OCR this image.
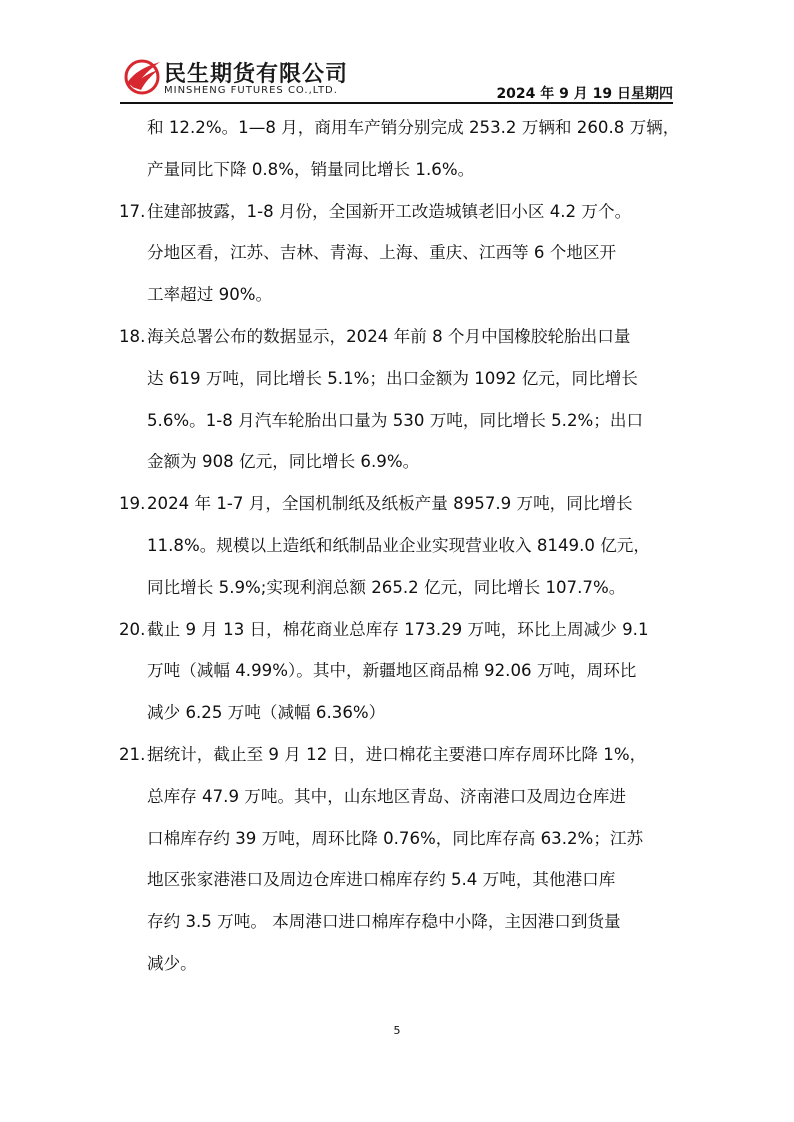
民生期货有限公司
MINSHENG FUTURES CO.,LTD.	2024 年 9 月 19 日星期四
和 12.2%。1—8 月，商用车产销分别完成 253.2 万辆和 260.8 万辆，
产量同比下降 0.8%，销量同比增长 1.6%。
17.住建部披露，1-8 月份，全国新开工改造城镇老旧小区 4.2 万个。
分地区看，江苏、吉林、青海、上海、重庆、江西等 6 个地区开
工率超过 90%。
18.海关总署公布的数据显示，2024 年前 8 个月中国橡胶轮胎出口量
达 619 万吨，同比增长 5.1%；出口金额为 1092 亿元，同比增长
5.6%。1-8 月汽车轮胎出口量为 530 万吨，同比增长 5.2%；出口
金额为 908 亿元，同比增长 6.9%。
19.2024 年 1-7 月，全国机制纸及纸板产量 8957.9 万吨，同比增长
11.8%。规模以上造纸和纸制品业企业实现营业收入 8149.0 亿元，
同比增长 5.9%;实现利润总额 265.2 亿元，同比增长 107.7%。
20.截止 9 月 13 日，棉花商业总库存 173.29 万吨，环比上周减少 9.1
万吨（减幅 4.99%）。其中，新疆地区商品棉 92.06 万吨，周环比
减少 6.25 万吨（减幅 6.36%）
21.据统计，截止至 9 月 12 日，进口棉花主要港口库存周环比降 1%，
总库存 47.9 万吨。其中，山东地区青岛、济南港口及周边仓库进
口棉库存约 39 万吨，周环比降 0.76%，同比库存高 63.2%；江苏
地区张家港港口及周边仓库进口棉库存约 5.4 万吨，其他港口库
存约 3.5 万吨。 本周港口进口棉库存稳中小降，主因港口到货量
减少。
5
